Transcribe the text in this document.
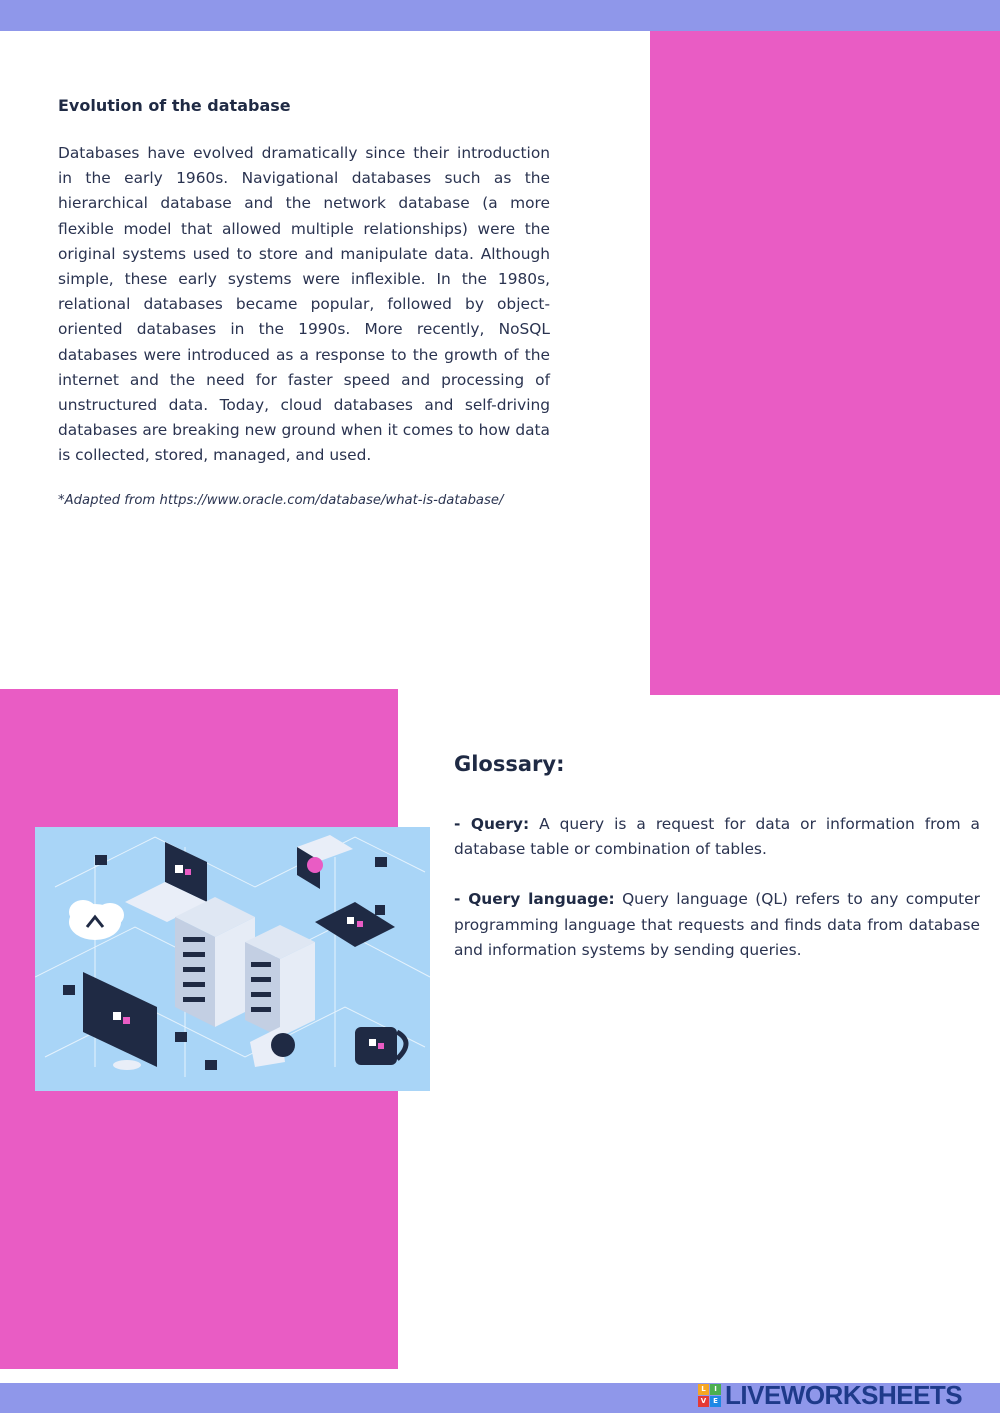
Evolution of the database

Databases have evolved dramatically since their introduction in the early 1960s. Navigational databases such as the hierarchical database and the network database (a more flexible model that allowed multiple relationships) were the original systems used to store and manipulate data. Although simple, these early systems were inflexible. In the 1980s, relational databases became popular, followed by object-oriented databases in the 1990s. More recently, NoSQL databases were introduced as a response to the growth of the internet and the need for faster speed and processing of unstructured data. Today, cloud databases and self-driving databases are breaking new ground when it comes to how data is collected, stored, managed, and used.

*Adapted from https://www.oracle.com/database/what-is-database/

Glossary:

- Query: A query is a request for data or information from a database table or combination of tables.

- Query language: Query language (QL) refers to any computer programming language that requests and finds data from database and information systems by sending queries.

L	I
V E LIVEWORKSHEETS
